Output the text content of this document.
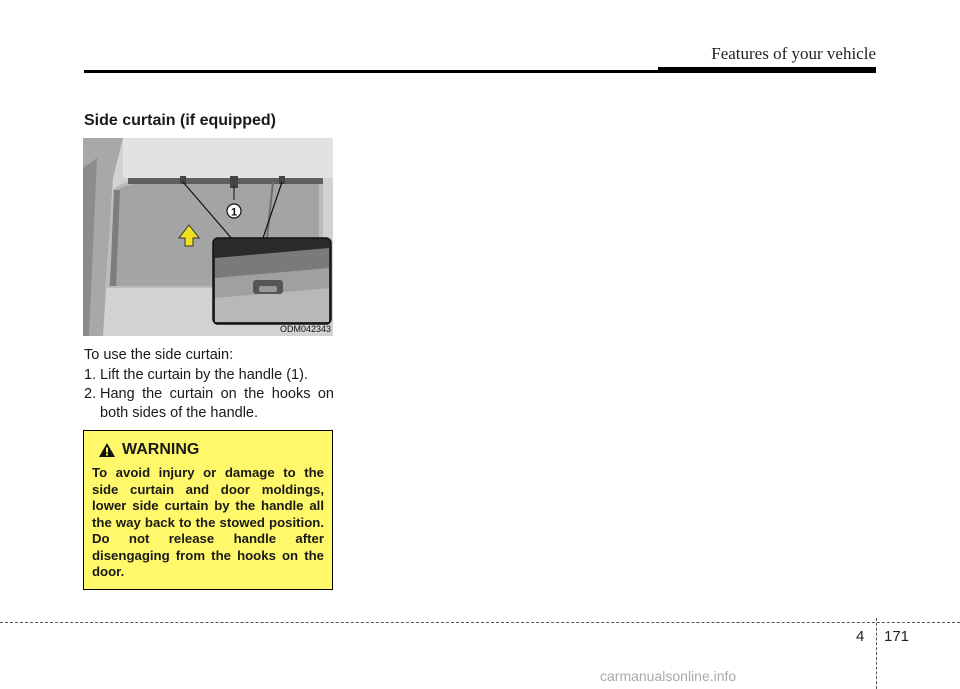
Features of your vehicle
Side curtain (if equipped)
1
ODM042343

To use the side curtain:

1. Lift the curtain by the handle (1).
2. Hang the curtain on the hooks on both sides of the handle.
WARNING
To avoid injury or damage to the side curtain and door moldings, lower side curtain by the handle all the way back to the stowed position. Do not release handle after disengaging from the hooks on the door.
4 171
carmanualsonline.info
